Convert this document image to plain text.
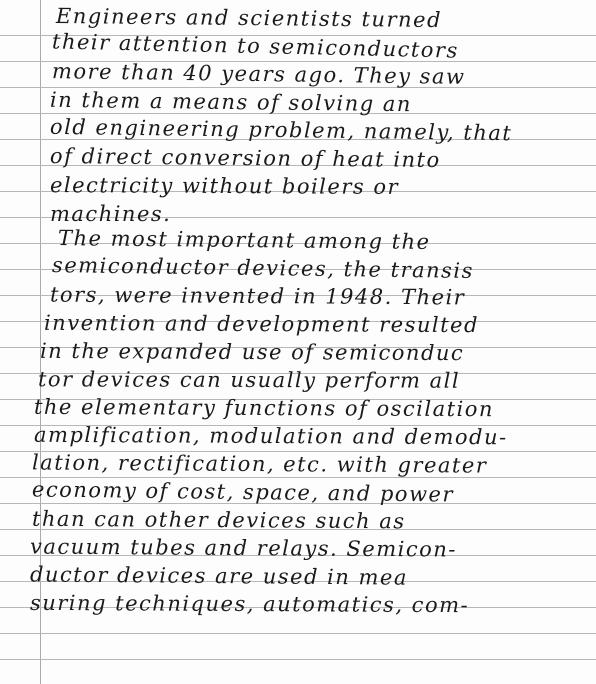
Engineers and scientists turned
their attention to semiconductors
more than 40 years ago. They saw
in them a means of solving an
old engineering problem, namely, that
of direct conversion of heat into
electricity without boilers or
machines.
The most important among the
semiconductor devices, the transis
tors, were invented in 1948. Their
invention and development resulted
in the expanded use of semiconduc
tor devices can usually perform all
the elementary functions of oscilation
amplification, modulation and demodu-
lation, rectification, etc. with greater
economy of cost, space, and power
than can other devices such as
vacuum tubes and relays. Semicon-
ductor devices are used in mea
suring techniques, automatics, com-
